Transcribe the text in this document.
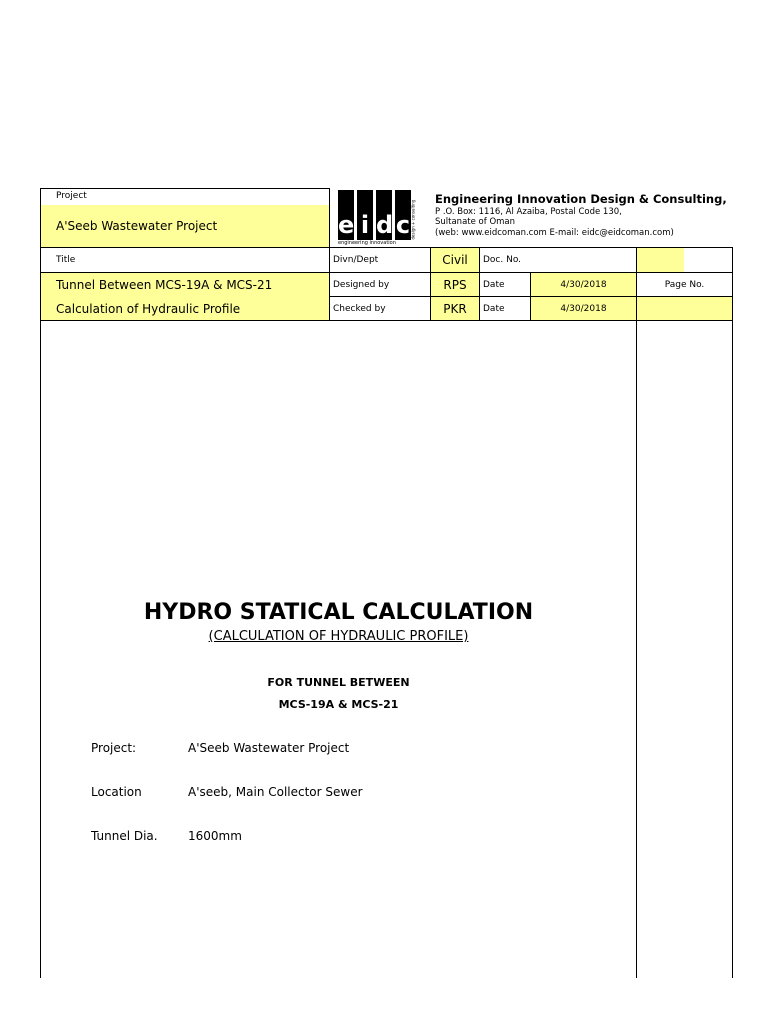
Project
A'Seeb Wastewater Project	e i d c
engineering innovation
design + consulting
Engineering Innovation Design & Consulting,
P .O. Box: 1116, Al Azaiba, Postal Code 130,
Sultanate of Oman
(web: www.eidcoman.com E-mail: eidc@eidcoman.com)
Title	Divn/Dept	Civil	Doc. No.
Tunnel Between MCS-19A & MCS-21	Designed by	RPS	Date	4/30/2018	Page No.
Calculation of Hydraulic Profile	Checked by	PKR	Date	4/30/2018
HYDRO STATICAL CALCULATION
(CALCULATION OF HYDRAULIC PROFILE)
FOR TUNNEL BETWEEN
MCS-19A & MCS-21
Project:	A'Seeb Wastewater Project
Location	A'seeb, Main Collector Sewer
Tunnel Dia.	1600mm
